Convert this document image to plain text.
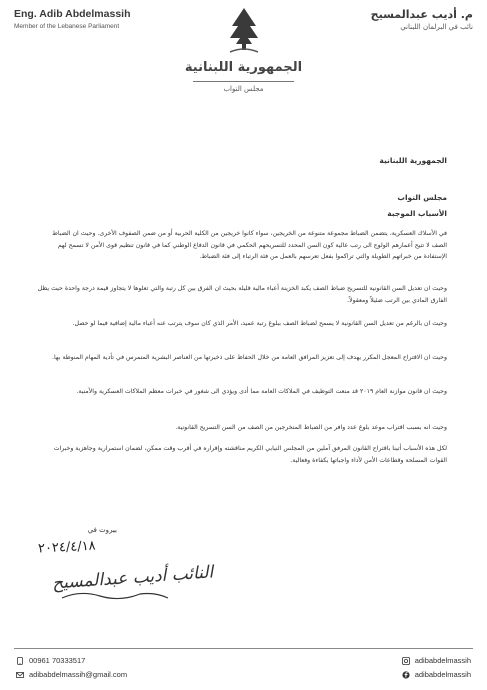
Eng. Adib Abdelmassih
Member of the Lebanese Parliament
م. أديب عبدالمسيح
نائب في البرلمان اللبناني
الجمهورية اللبنانية
مجلس النواب
الجمهورية اللبنانية
مجلس النواب
الأسباب الموجبة
في الأسلاك العسكرية، يتضمن الضباط مجموعة متنوعة من الخريجين، سواء كانوا خريجين من الكلية الحربية أو من ضمن الصفوف الأخرى. وحيث ان الضباط الصف لا تتيح أعمارهم الولوج الى رتب عالية كون السن المحدد للتسريحهم الحكمي في قانون الدفاع الوطني كما في قانون تنظيم قوى الأمن لا تسمح لهم الإستفادة من خبراتهم الطويلة والتي تراكموا بفعل تعرسهم بالعمل من فئة الرتباء إلى فئة الضباط.
وحيث ان تعديل السن القانونية للتسريح ضباط الصف يكبد الخزينة أعباء مالية قليلة بحيث ان الفرق بين كل رتبة والتي تعلوها لا يتجاوز قيمة درجة واحدة حيث يظل الفارق المادي بين الرتب ضئيلاً ومعقولاً.
وحيث ان بالرغم من تعديل السن القانونية لا يسمح لضباط الصف ببلوغ رتبة عميد، الأمر الذي كان سوف يترتب عنه أعباء مالية إضافية فيما لو حصل.
وحيث ان الاقتراح المعجل المكرر يهدف إلى تعزيز المرافق العامة من خلال الحفاظ على ذخيرتها من العناصر البشرية المتمرس في تأدية المهام المنوطة بها.
وحيث ان قانون موازنة العام ٢٠١٩ قد منعت التوظيف في الملاكات العامة مما أدى ويؤدي الى شغور في خبرات معظم الملاكات العسكرية والأمنية.
وحيث انه بسبب اقتراب موعد بلوغ عدد وافر من الضباط المتخرجين من الصف من السن التسريح القانونية.
لكل هذه الأسباب أتينا باقتراح القانون المرفق آملين من المجلس النيابي الكريم مناقشته وإقراره في أقرب وقت ممكن، لضمان استمرارية وجاهزية وخبرات القوات المسلحة وقطاعات الأمن لأداء واجباتها بكفاءة وفعالية.
بيروت في
٢٠٢٤/٤/١٨
النائب أديب عبدالمسيح
00961 70333517
adibabdelmassih@gmail.com
adibabdelmassih
adibabdelmassih
